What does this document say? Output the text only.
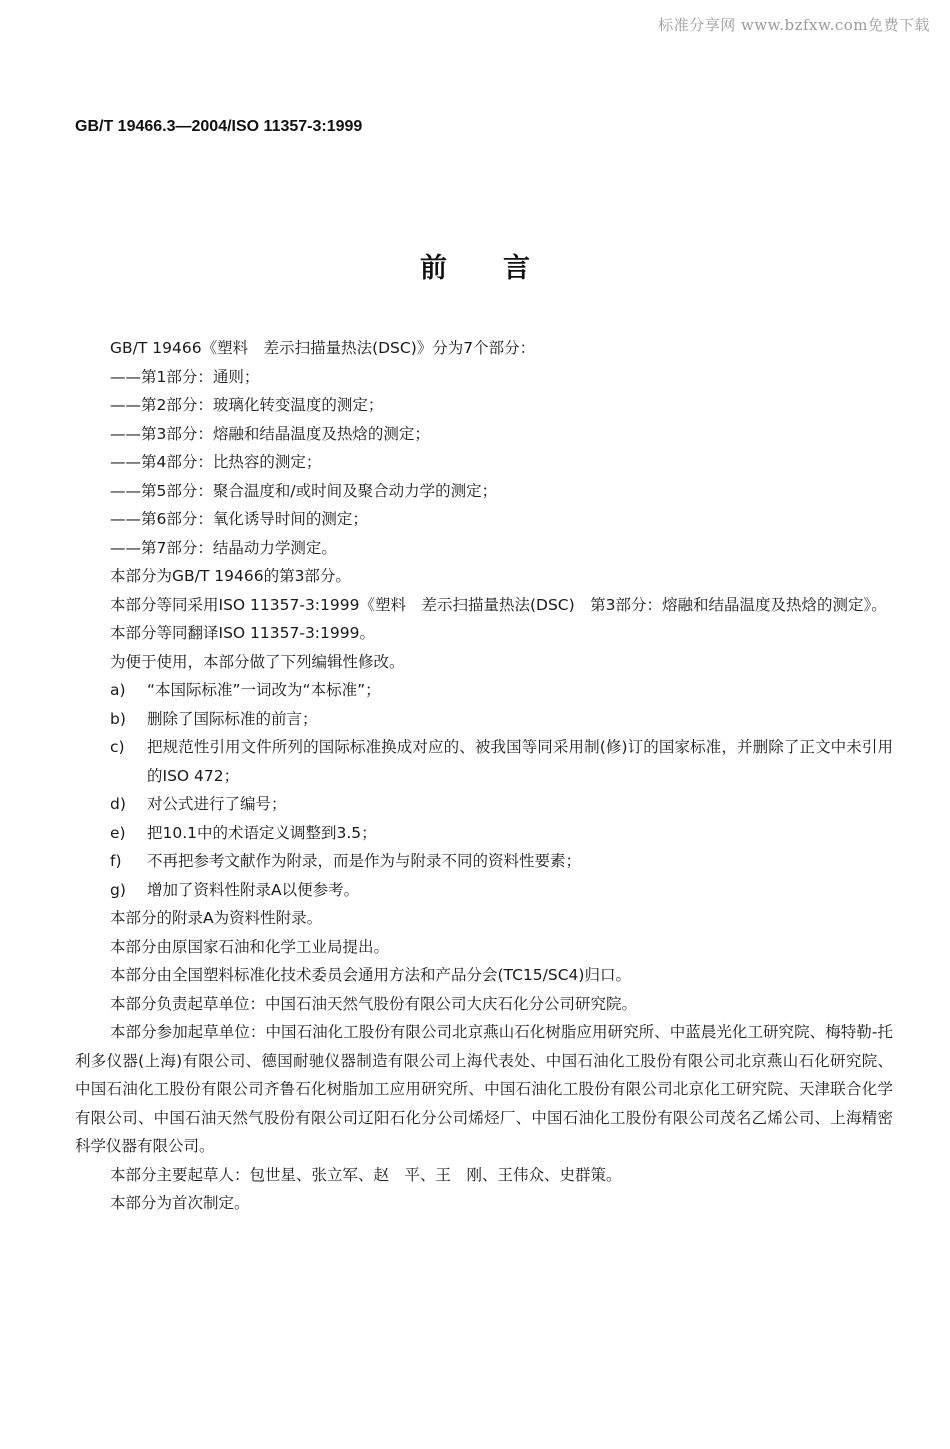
标准分享网 www.bzfxw.com免费下载
GB/T 19466.3—2004/ISO 11357-3:1999
前言
GB/T 19466《塑料　差示扫描量热法(DSC)》分为7个部分：
——第1部分：通则；
——第2部分：玻璃化转变温度的测定；
——第3部分：熔融和结晶温度及热焓的测定；
——第4部分：比热容的测定；
——第5部分：聚合温度和/或时间及聚合动力学的测定；
——第6部分：氧化诱导时间的测定；
——第7部分：结晶动力学测定。
本部分为GB/T 19466的第3部分。
本部分等同采用ISO 11357-3:1999《塑料　差示扫描量热法(DSC)　第3部分：熔融和结晶温度及热焓的测定》。
本部分等同翻译ISO 11357-3:1999。
为便于使用，本部分做了下列编辑性修改。
a)	“本国际标准”一词改为“本标准”；
b)	删除了国际标准的前言；
c)	把规范性引用文件所列的国际标准换成对应的、被我国等同采用制(修)订的国家标准，并删除了正文中未引用的ISO 472；
d)	对公式进行了编号；
e)	把10.1中的术语定义调整到3.5；
f)	不再把参考文献作为附录，而是作为与附录不同的资料性要素；
g)	增加了资料性附录A以便参考。
本部分的附录A为资料性附录。
本部分由原国家石油和化学工业局提出。
本部分由全国塑料标准化技术委员会通用方法和产品分会(TC15/SC4)归口。
本部分负责起草单位：中国石油天然气股份有限公司大庆石化分公司研究院。
本部分参加起草单位：中国石油化工股份有限公司北京燕山石化树脂应用研究所、中蓝晨光化工研究院、梅特勒-托利多仪器(上海)有限公司、德国耐驰仪器制造有限公司上海代表处、中国石油化工股份有限公司北京燕山石化研究院、中国石油化工股份有限公司齐鲁石化树脂加工应用研究所、中国石油化工股份有限公司北京化工研究院、天津联合化学有限公司、中国石油天然气股份有限公司辽阳石化分公司烯烃厂、中国石油化工股份有限公司茂名乙烯公司、上海精密科学仪器有限公司。
本部分主要起草人：包世星、张立军、赵　平、王　刚、王伟众、史群策。
本部分为首次制定。
